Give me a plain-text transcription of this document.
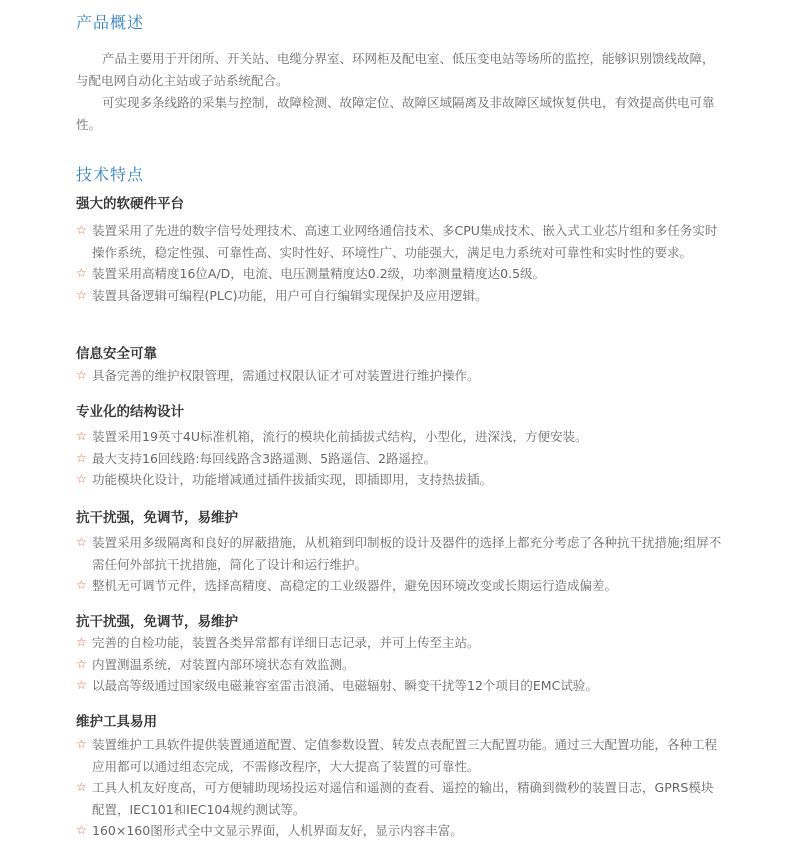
产品概述
产品主要用于开闭所、开关站、电缆分界室、环网柜及配电室、低压变电站等场所的监控，能够识别馈线故障，与配电网自动化主站或子站系统配合。
可实现多条线路的采集与控制，故障检测、故障定位、故障区域隔离及非故障区域恢复供电，有效提高供电可靠性。
技术特点
强大的软硬件平台
☆ 装置采用了先进的数字信号处理技术、高速工业网络通信技术、多CPU集成技术、嵌入式工业芯片组和多任务实时操作系统，稳定性强、可靠性高、实时性好、环境性广、功能强大，满足电力系统对可靠性和实时性的要求。
☆ 装置采用高精度16位A/D，电流、电压测量精度达0.2级，功率测量精度达0.5级。
☆ 装置具备逻辑可编程(PLC)功能，用户可自行编辑实现保护及应用逻辑。
信息安全可靠
☆ 具备完善的维护权限管理，需通过权限认证才可对装置进行维护操作。
专业化的结构设计
☆ 装置采用19英寸4U标准机箱，流行的模块化前插拔式结构，小型化，进深浅，方便安装。
☆ 最大支持16回线路:每回线路含3路遥测、5路遥信、2路遥控。
☆ 功能模块化设计，功能增减通过插件拔插实现，即插即用，支持热拔插。
抗干扰强，免调节，易维护
☆ 装置采用多级隔离和良好的屏蔽措施，从机箱到印制板的设计及器件的选择上都充分考虑了各种抗干扰措施;组屏不需任何外部抗干扰措施，简化了设计和运行维护。
☆ 整机无可调节元件，选择高精度、高稳定的工业级器件，避免因环境改变或长期运行造成偏差。
抗干扰强，免调节，易维护
☆ 完善的自检功能，装置各类异常都有详细日志记录，并可上传至主站。
☆ 内置测温系统，对装置内部环境状态有效监测。
☆ 以最高等级通过国家级电磁兼容室雷击浪涌、电磁辐射、瞬变干扰等12个项目的EMC试验。
维护工具易用
☆ 装置维护工具软件提供装置通道配置、定值参数设置、转发点表配置三大配置功能。通过三大配置功能，各种工程应用都可以通过组态完成，不需修改程序，大大提高了装置的可靠性。
☆ 工具人机友好度高，可方便辅助现场投运对遥信和遥测的查看、遥控的输出，精确到微秒的装置日志，GPRS模块配置，IEC101和IEC104规约测试等。
☆ 160×160图形式全中文显示界面，人机界面友好，显示内容丰富。
